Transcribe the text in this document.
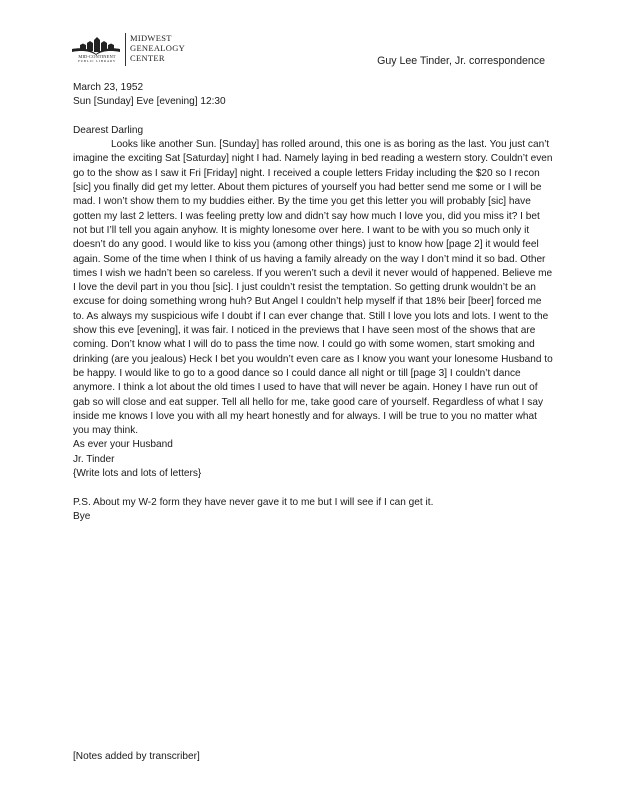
MID-CONTINENT
PUBLIC LIBRARY
MIDWEST
GENEALOGY
CENTER	Guy Lee Tinder, Jr. correspondence

March 23, 1952

Sun [Sunday] Eve [evening] 12:30

Dearest Darling

Looks like another Sun. [Sunday] has rolled around, this one is as boring as the last. You just can’t imagine the exciting Sat [Saturday] night I had. Namely laying in bed reading a western story. Couldn’t even go to the show as I saw it Fri [Friday] night. I received a couple letters Friday including the $20 so I recon [sic] you finally did get my letter. About them pictures of yourself you had better send me some or I will be mad. I won’t show them to my buddies either. By the time you get this letter you will probably [sic] have gotten my last 2 letters. I was feeling pretty low and didn’t say how much I love you, did you miss it? I bet not but I’ll tell you again anyhow. It is mighty lonesome over here. I want to be with you so much only it doesn’t do any good. I would like to kiss you (among other things) just to know how [page 2] it would feel again. Some of the time when I think of us having a family already on the way I don’t mind it so bad. Other times I wish we hadn’t been so careless. If you weren’t such a devil it never would of happened. Believe me I love the devil part in you thou [sic]. I just couldn’t resist the temptation. So getting drunk wouldn’t be an excuse for doing something wrong huh? But Angel I couldn’t help myself if that 18% beir [beer] forced me to. As always my suspicious wife I doubt if I can ever change that. Still I love you lots and lots. I went to the show this eve [evening], it was fair. I noticed in the previews that I have seen most of the shows that are coming. Don’t know what I will do to pass the time now. I could go with some women, start smoking and drinking (are you jealous) Heck I bet you wouldn’t even care as I know you want your lonesome Husband to be happy. I would like to go to a good dance so I could dance all night or till [page 3] I couldn’t dance anymore. I think a lot about the old times I used to have that will never be again. Honey I have run out of gab so will close and eat supper. Tell all hello for me, take good care of yourself. Regardless of what I say inside me knows I love you with all my heart honestly and for always. I will be true to you no matter what you may think.

As ever your Husband

Jr. Tinder

{Write lots and lots of letters}

P.S. About my W-2 form they have never gave it to me but I will see if I can get it.

Bye

[Notes added by transcriber]
